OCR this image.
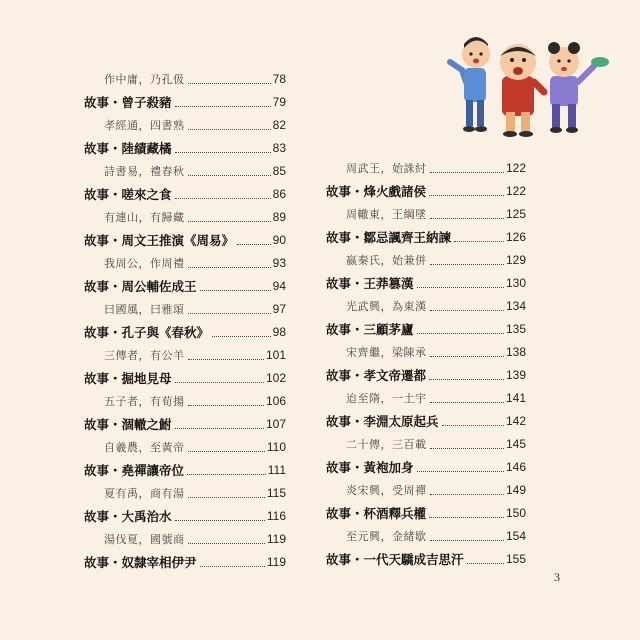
作中庸，乃孔伋	78
故事・曾子殺豬	79
孝經通，四書熟	82
故事・陸績藏橘	83
詩書易，禮春秋	85
故事・嗟來之食	86
有連山，有歸藏	89
故事・周文王推演《周易》	90
我周公，作周禮	93
故事・周公輔佐成王	94
曰國風，曰雅頌	97
故事・孔子與《春秋》	98
三傳者，有公羊	101
故事・掘地見母	102
五子者，有荀揚	106
故事・涸轍之鮒	107
自羲農，至黃帝	110
故事・堯禪讓帝位	111
夏有禹，商有湯	115
故事・大禹治水	116
湯伐夏，國號商	119
故事・奴隸宰相伊尹	119
周武王，始誅紂	122
故事・烽火戲諸侯	122
周轍東，王綱墜	125
故事・鄒忌諷齊王納諫	126
嬴秦氏，始兼併	129
故事・王莽篡漢	130
光武興，為東漢	134
故事・三顧茅廬	135
宋齊繼，梁陳承	138
故事・孝文帝遷都	139
迨至隋，一土宇	141
故事・李淵太原起兵	142
二十傳，三百載	145
故事・黃袍加身	146
炎宋興，受周禪	149
故事・杯酒釋兵權	150
至元興，金緒歇	154
故事・一代天驕成吉思汗	155
3
